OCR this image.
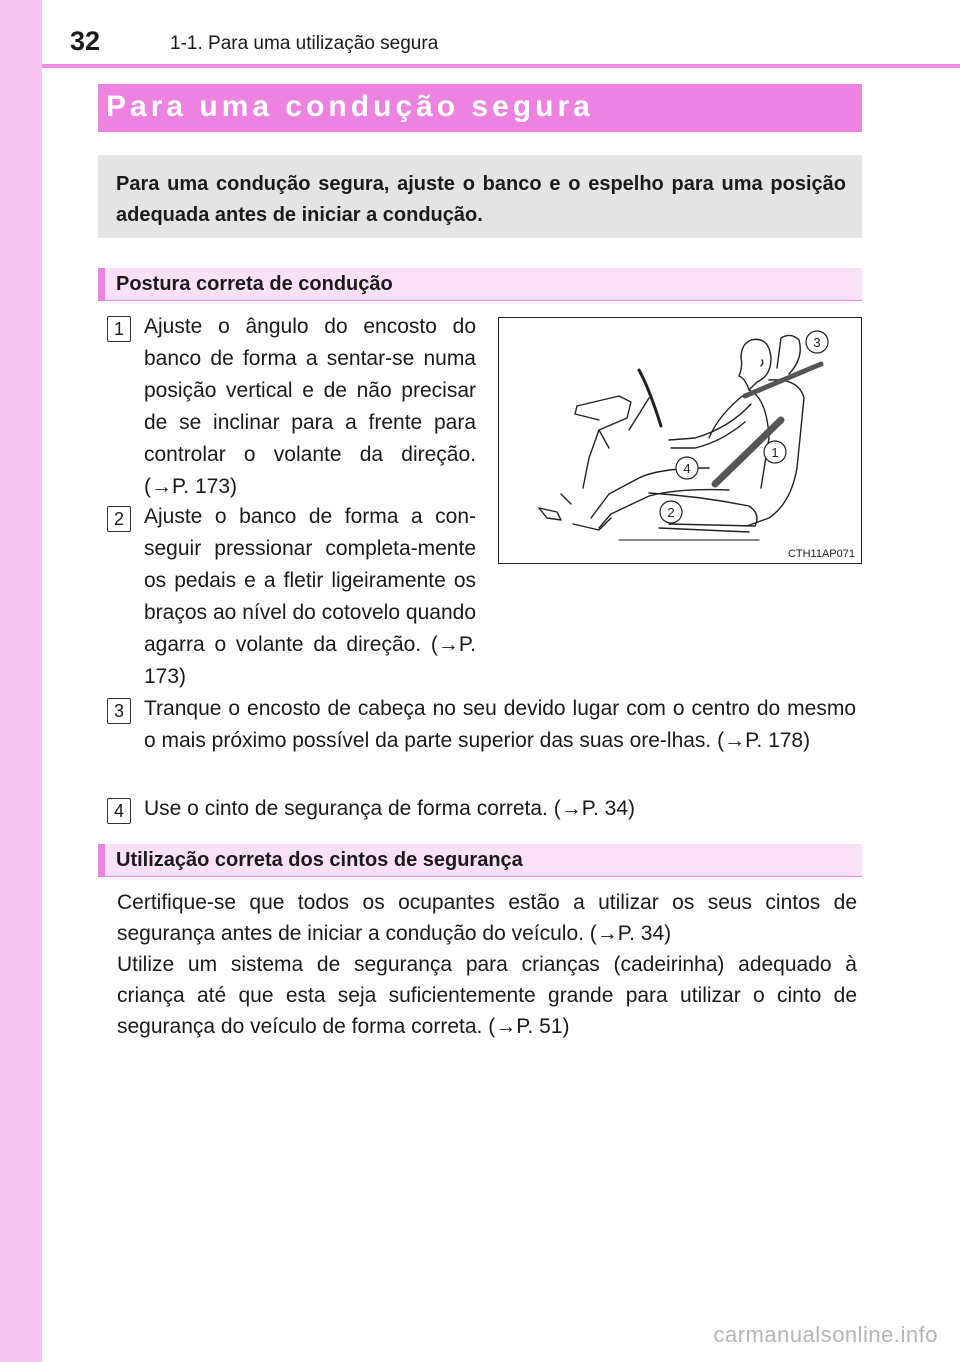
32	1-1. Para uma utilização segura
Para uma condução segura
Para uma condução segura, ajuste o banco e o espelho para uma posição adequada antes de iniciar a condução.
Postura correta de condução
1 Ajuste o ângulo do encosto do banco de forma a sentar-se numa posição vertical e de não precisar de se inclinar para a frente para controlar o volante da direção. (→P. 173)
2 Ajuste o banco de forma a con-seguir pressionar completa-mente os pedais e a fletir ligeiramente os braços ao nível do cotovelo quando agarra o volante da direção. (→P. 173)
3 Tranque o encosto de cabeça no seu devido lugar com o centro do mesmo o mais próximo possível da parte superior das suas ore-lhas. (→P. 178)
4 Use o cinto de segurança de forma correta. (→P. 34)
3
1
4
2
CTH11AP071
Utilização correta dos cintos de segurança
Certifique-se que todos os ocupantes estão a utilizar os seus cintos de segurança antes de iniciar a condução do veículo. (→P. 34)
Utilize um sistema de segurança para crianças (cadeirinha) adequado à criança até que esta seja suficientemente grande para utilizar o cinto de segurança do veículo de forma correta. (→P. 51)
carmanualsonline.info
